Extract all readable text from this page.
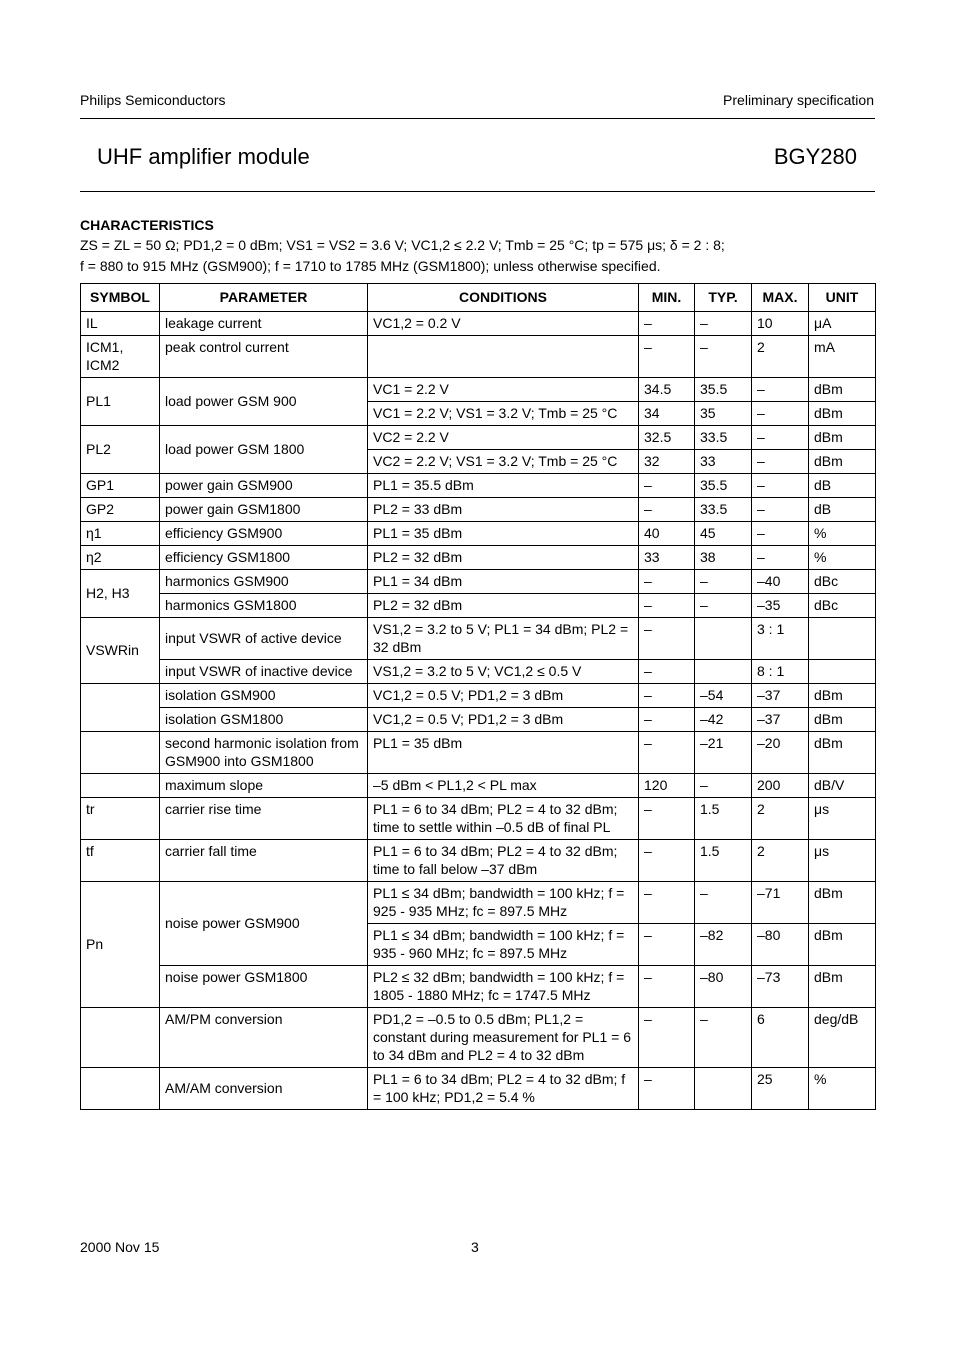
Philips Semiconductors	Preliminary specification
UHF amplifier module	BGY280
CHARACTERISTICS
ZS = ZL = 50 Ω; PD1,2 = 0 dBm; VS1 = VS2 = 3.6 V; VC1,2 ≤ 2.2 V; Tmb = 25 °C; tp = 575 μs; δ = 2 : 8;
f = 880 to 915 MHz (GSM900); f = 1710 to 1785 MHz (GSM1800); unless otherwise specified.
SYMBOL	PARAMETER	CONDITIONS	MIN.	TYP.	MAX.	UNIT
IL	leakage current	VC1,2 = 0.2 V	–	–	10	μA
ICM1, ICM2	peak control current		–	–	2	mA
PL1	load power GSM 900	VC1 = 2.2 V	34.5	35.5	–	dBm
		VC1 = 2.2 V; VS1 = 3.2 V; Tmb = 25 °C	34	35	–	dBm
PL2	load power GSM 1800	VC2 = 2.2 V	32.5	33.5	–	dBm
		VC2 = 2.2 V; VS1 = 3.2 V; Tmb = 25 °C	32	33	–	dBm
GP1	power gain GSM900	PL1 = 35.5 dBm	–	35.5	–	dB
GP2	power gain GSM1800	PL2 = 33 dBm	–	33.5	–	dB
η1	efficiency GSM900	PL1 = 35 dBm	40	45	–	%
η2	efficiency GSM1800	PL2 = 32 dBm	33	38	–	%
H2, H3	harmonics GSM900	PL1 = 34 dBm	–	–	–40	dBc
	harmonics GSM1800	PL2 = 32 dBm	–	–	–35	dBc
VSWRin	input VSWR of active device	VS1,2 = 3.2 to 5 V; PL1 = 34 dBm; PL2 = 32 dBm	–		3 : 1	
	input VSWR of inactive device	VS1,2 = 3.2 to 5 V; VC1,2 ≤ 0.5 V	–		8 : 1	
	isolation GSM900	VC1,2 = 0.5 V; PD1,2 = 3 dBm	–	–54	–37	dBm
	isolation GSM1800	VC1,2 = 0.5 V; PD1,2 = 3 dBm	–	–42	–37	dBm
	second harmonic isolation from GSM900 into GSM1800	PL1 = 35 dBm	–	–21	–20	dBm
	maximum slope	–5 dBm < PL1,2 < PL max	120	–	200	dB/V
tr	carrier rise time	PL1 = 6 to 34 dBm; PL2 = 4 to 32 dBm; time to settle within –0.5 dB of final PL	–	1.5	2	μs
tf	carrier fall time	PL1 = 6 to 34 dBm; PL2 = 4 to 32 dBm; time to fall below –37 dBm	–	1.5	2	μs
Pn	noise power GSM900	PL1 ≤ 34 dBm; bandwidth = 100 kHz; f = 925 - 935 MHz; fc = 897.5 MHz	–	–	–71	dBm
		PL1 ≤ 34 dBm; bandwidth = 100 kHz; f = 935 - 960 MHz; fc = 897.5 MHz	–	–82	–80	dBm
	noise power GSM1800	PL2 ≤ 32 dBm; bandwidth = 100 kHz; f = 1805 - 1880 MHz; fc = 1747.5 MHz	–	–80	–73	dBm
	AM/PM conversion	PD1,2 = –0.5 to 0.5 dBm; PL1,2 = constant during measurement for PL1 = 6 to 34 dBm and PL2 = 4 to 32 dBm	–	–	6	deg/dB
	AM/AM conversion	PL1 = 6 to 34 dBm; PL2 = 4 to 32 dBm; f = 100 kHz; PD1,2 = 5.4 %	–		25	%
2000 Nov 15	3
